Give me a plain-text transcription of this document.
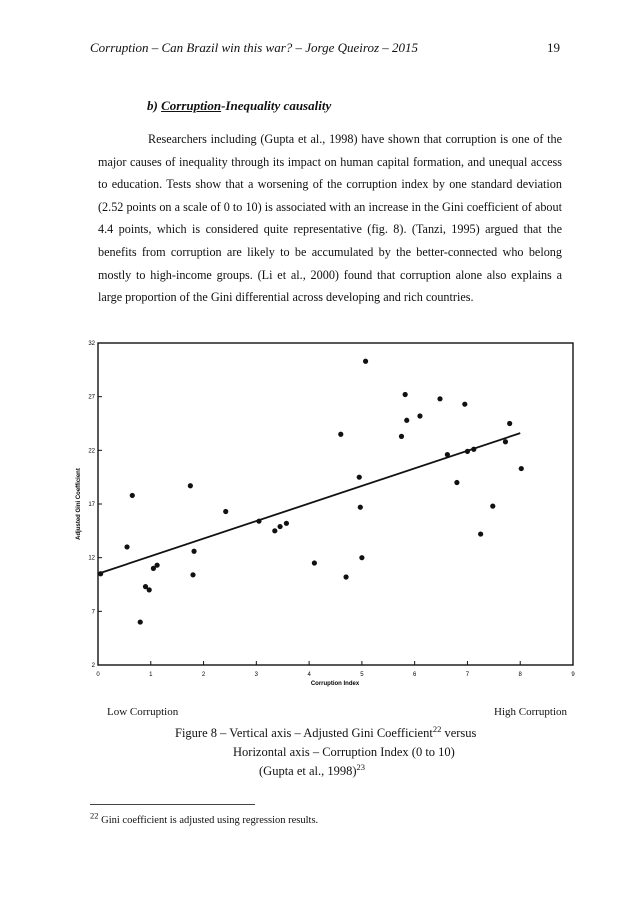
Corruption – Can Brazil win this war? – Jorge Queiroz – 2015	19
b) Corruption-Inequality causality

Researchers including (Gupta et al., 1998) have shown that corruption is one of the major causes of inequality through its impact on human capital formation, and unequal access to education. Tests show that a worsening of the corruption index by one standard deviation (2.52 points on a scale of 0 to 10) is associated with an increase in the Gini coefficient of about 4.4 points, which is considered quite representative (fig. 8). (Tanzi, 1995) argued that the benefits from corruption are likely to be accumulated by the better-connected who belong mostly to high-income groups. (Li et al., 2000) found that corruption alone also explains a large proportion of the Gini differential across developing and rich countries.

2
7
12
17
22
27
32
0	1	2	3	4	5	6	7	8	9
Corruption Index
Adjusted Gini Coefficient
Low Corruption	High Corruption
Figure 8 – Vertical axis – Adjusted Gini Coefficient$^{22}$ versus
Horizontal axis – Corruption Index (0 to 10)
(Gupta et al., 1998)$^{23}$
$^{22}$ Gini coefficient is adjusted using regression results.
